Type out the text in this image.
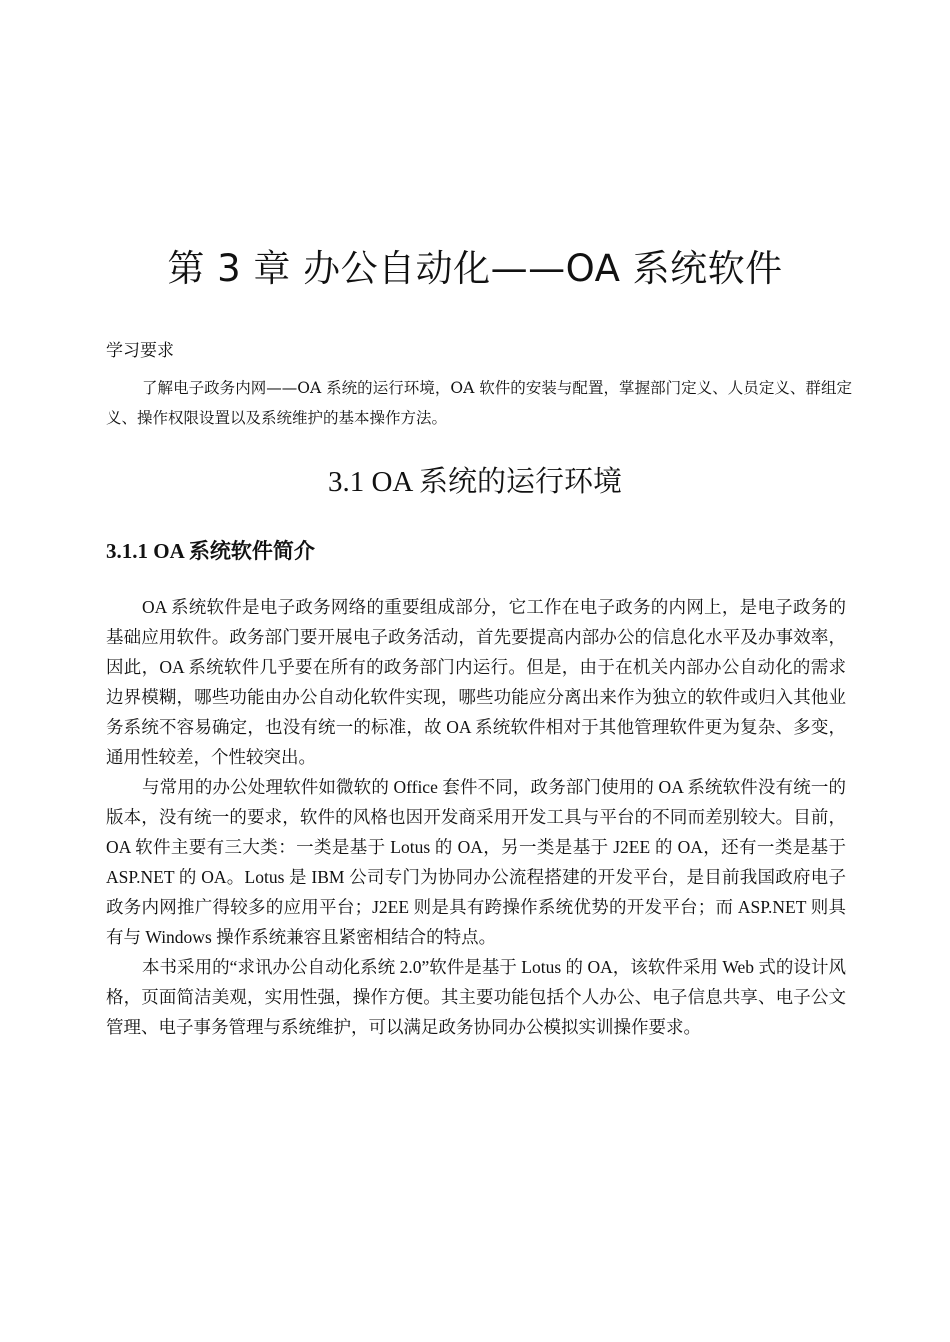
第 3 章 办公自动化——OA 系统软件
学习要求
了解电子政务内网——OA 系统的运行环境，OA 软件的安装与配置，掌握部门定义、人员定义、群组定义、操作权限设置以及系统维护的基本操作方法。
3.1 OA 系统的运行环境
3.1.1 OA 系统软件简介

OA 系统软件是电子政务网络的重要组成部分，它工作在电子政务的内网上，是电子政务的基础应用软件。政务部门要开展电子政务活动，首先要提高内部办公的信息化水平及办事效率，因此，OA 系统软件几乎要在所有的政务部门内运行。但是，由于在机关内部办公自动化的需求边界模糊，哪些功能由办公自动化软件实现，哪些功能应分离出来作为独立的软件或归入其他业务系统不容易确定，也没有统一的标准，故 OA 系统软件相对于其他管理软件更为复杂、多变，通用性较差，个性较突出。

与常用的办公处理软件如微软的 Office 套件不同，政务部门使用的 OA 系统软件没有统一的版本，没有统一的要求，软件的风格也因开发商采用开发工具与平台的不同而差别较大。目前，OA 软件主要有三大类：一类是基于 Lotus 的 OA，另一类是基于 J2EE 的 OA，还有一类是基于 ASP.NET 的 OA。Lotus 是 IBM 公司专门为协同办公流程搭建的开发平台，是目前我国政府电子政务内网推广得较多的应用平台；J2EE 则是具有跨操作系统优势的开发平台；而 ASP.NET 则具有与 Windows 操作系统兼容且紧密相结合的特点。

本书采用的“求讯办公自动化系统 2.0”软件是基于 Lotus 的 OA，该软件采用 Web 式的设计风格，页面简洁美观，实用性强，操作方便。其主要功能包括个人办公、电子信息共享、电子公文管理、电子事务管理与系统维护，可以满足政务协同办公模拟实训操作要求。
